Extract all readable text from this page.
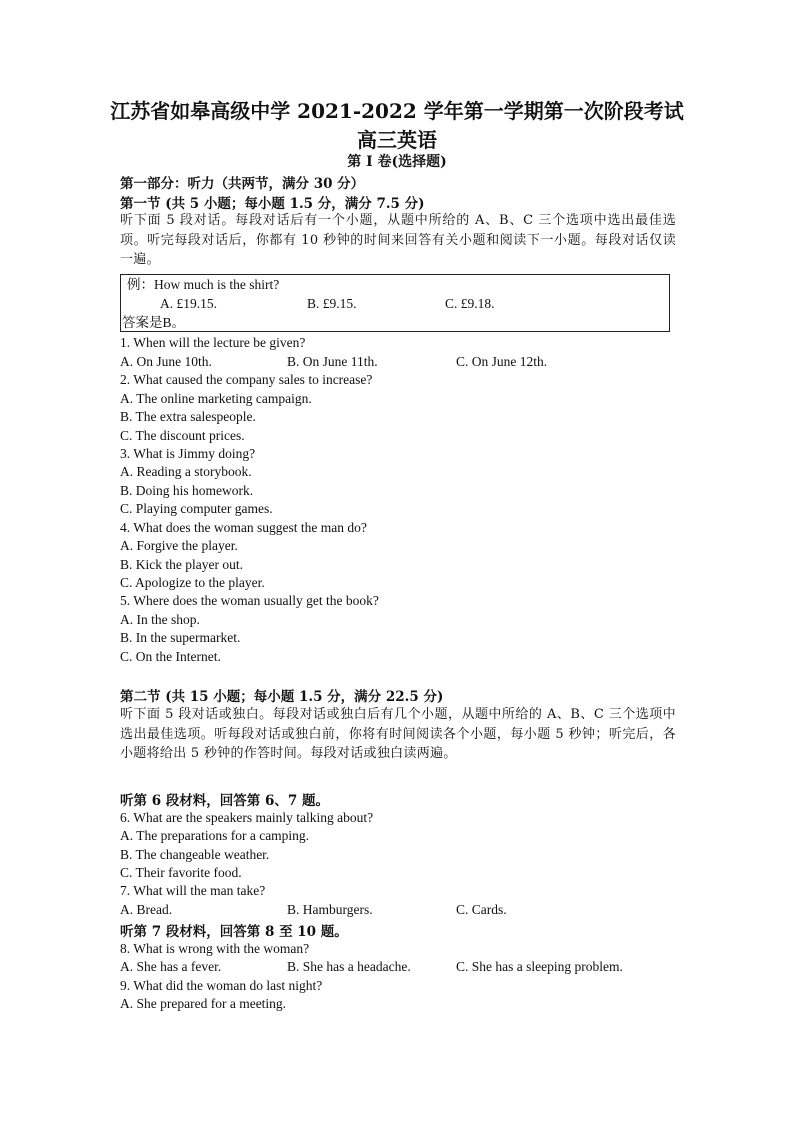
江苏省如皋高级中学 2021-2022 学年第一学期第一次阶段考试
高三英语
第 I 卷(选择题)
第一部分：听力（共两节，满分 30 分）
第一节 (共 5 小题；每小题 1.5 分，满分 7.5 分)
听下面 5 段对话。每段对话后有一个小题，从题中所给的 A、B、C 三个选项中选出最佳选项。听完每段对话后，你都有 10 秒钟的时间来回答有关小题和阅读下一小题。每段对话仅读一遍。
例：How much is the shirt?
A. £19.15.	B. £9.15.	C. £9.18.
答案是B。
1. When will the lecture be given?
A. On June 10th.	B. On June 11th.	C. On June 12th.
2. What caused the company sales to increase?
A. The online marketing campaign.
B. The extra salespeople.
C. The discount prices.
3. What is Jimmy doing?
A. Reading a storybook.
B. Doing his homework.
C. Playing computer games.
4. What does the woman suggest the man do?
A. Forgive the player.
B. Kick the player out.
C. Apologize to the player.
5. Where does the woman usually get the book?
A. In the shop.
B. In the supermarket.
C. On the Internet.
第二节 (共 15 小题；每小题 1.5 分，满分 22.5 分)
听下面 5 段对话或独白。每段对话或独白后有几个小题，从题中所给的 A、B、C 三个选项中选出最佳选项。听每段对话或独白前，你将有时间阅读各个小题，每小题 5 秒钟；听完后，各小题将给出 5 秒钟的作答时间。每段对话或独白读两遍。
听第 6 段材料，回答第 6、7 题。
6. What are the speakers mainly talking about?
A. The preparations for a camping.
B. The changeable weather.
C. Their favorite food.
7. What will the man take?
A. Bread.	B. Hamburgers.	C. Cards.
听第 7 段材料，回答第 8 至 10 题。
8. What is wrong with the woman?
A. She has a fever.	B. She has a headache.	C. She has a sleeping problem.
9. What did the woman do last night?
A. She prepared for a meeting.
